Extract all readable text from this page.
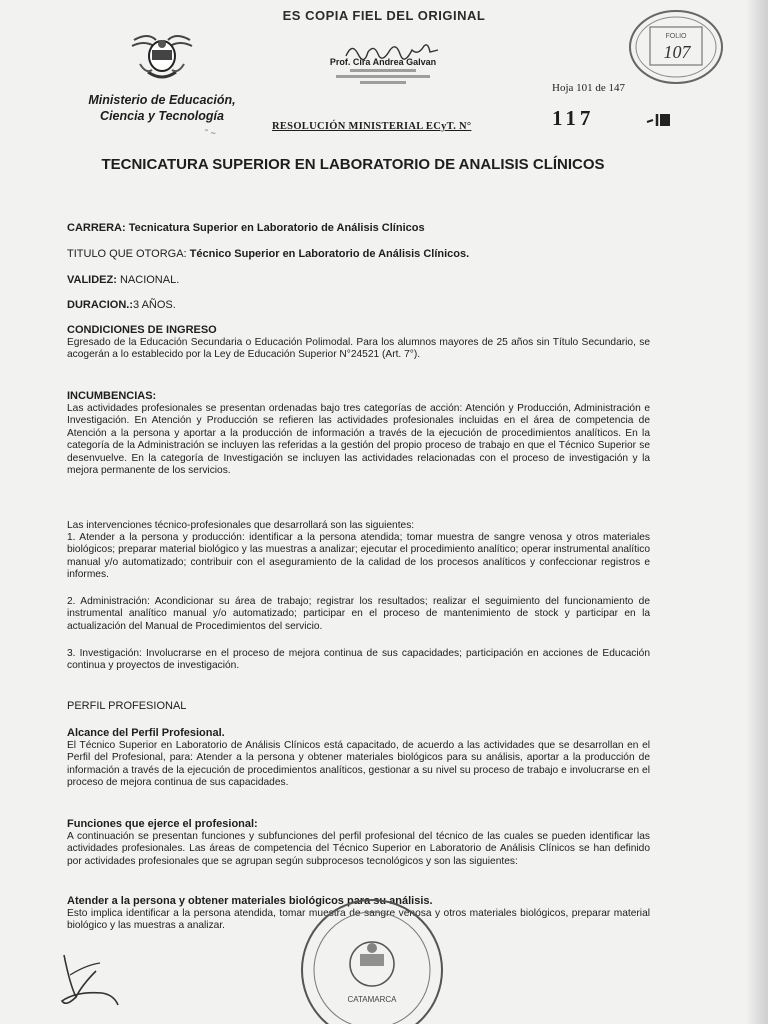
ES COPIA FIEL DEL ORIGINAL
Ministerio de Educación,
Ciencia y Tecnología
˜ ~
Prof. Cira Andrea Galvan
Hoja 101 de 147
FOLIO
107
RESOLUCIÓN MINISTERIAL ECyT. N°	117
TECNICATURA SUPERIOR EN LABORATORIO DE ANALISIS CLÍNICOS
CARRERA: Tecnicatura Superior en Laboratorio de Análisis Clínicos
TITULO QUE OTORGA: Técnico Superior en Laboratorio de Análisis Clínicos.
VALIDEZ: NACIONAL.
DURACION.:3 AÑOS.
CONDICIONES DE INGRESO
Egresado de la Educación Secundaria o Educación Polimodal. Para los alumnos mayores de 25 años sin Título Secundario, se acogerán a lo establecido por la Ley de Educación Superior N°24521 (Art. 7°).
INCUMBENCIAS:
Las actividades profesionales se presentan ordenadas bajo tres categorías de acción: Atención y Producción, Administración e Investigación. En Atención y Producción se refieren las actividades profesionales incluidas en el área de competencia de Atención a la persona y aportar a la producción de información a través de la ejecución de procedimientos analíticos. En la categoría de la Administración se incluyen las referidas a la gestión del propio proceso de trabajo en que el Técnico Superior se desenvuelve. En la categoría de Investigación se incluyen las actividades relacionadas con el proceso de investigación y la mejora permanente de los servicios.
Las intervenciones técnico-profesionales que desarrollará son las siguientes:
1. Atender a la persona y producción: identificar a la persona atendida; tomar muestra de sangre venosa y otros materiales biológicos; preparar material biológico y las muestras a analizar; ejecutar el procedimiento analítico; operar instrumental analítico manual y/o automatizado; contribuir con el aseguramiento de la calidad de los procesos analíticos y confeccionar registros e informes.
2. Administración: Acondicionar su área de trabajo; registrar los resultados; realizar el seguimiento del funcionamiento de instrumental analítico manual y/o automatizado; participar en el proceso de mantenimiento de stock y participar en la actualización del Manual de Procedimientos del servicio.
3. Investigación: Involucrarse en el proceso de mejora continua de sus capacidades; participación en acciones de Educación continua y proyectos de investigación.
PERFIL PROFESIONAL
Alcance del Perfil Profesional.
El Técnico Superior en Laboratorio de Análisis Clínicos está capacitado, de acuerdo a las actividades que se desarrollan en el Perfil del Profesional, para: Atender a la persona y obtener materiales biológicos para su análisis, aportar a la producción de información a través de la ejecución de procedimientos analíticos, gestionar a su nivel su proceso de trabajo e involucrarse en el proceso de mejora continua de sus capacidades.
Funciones que ejerce el profesional:
A continuación se presentan funciones y subfunciones del perfil profesional del técnico de las cuales se pueden identificar las actividades profesionales. Las áreas de competencia del Técnico Superior en Laboratorio de Análisis Clínicos se han definido por actividades profesionales que se agrupan según subprocesos tecnológicos y son las siguientes:
Atender a la persona y obtener materiales biológicos para su análisis.
Esto implica identificar a la persona atendida, tomar muestra de sangre venosa y otros materiales biológicos, preparar material biológico y las muestras a analizar.
CATAMARCA
